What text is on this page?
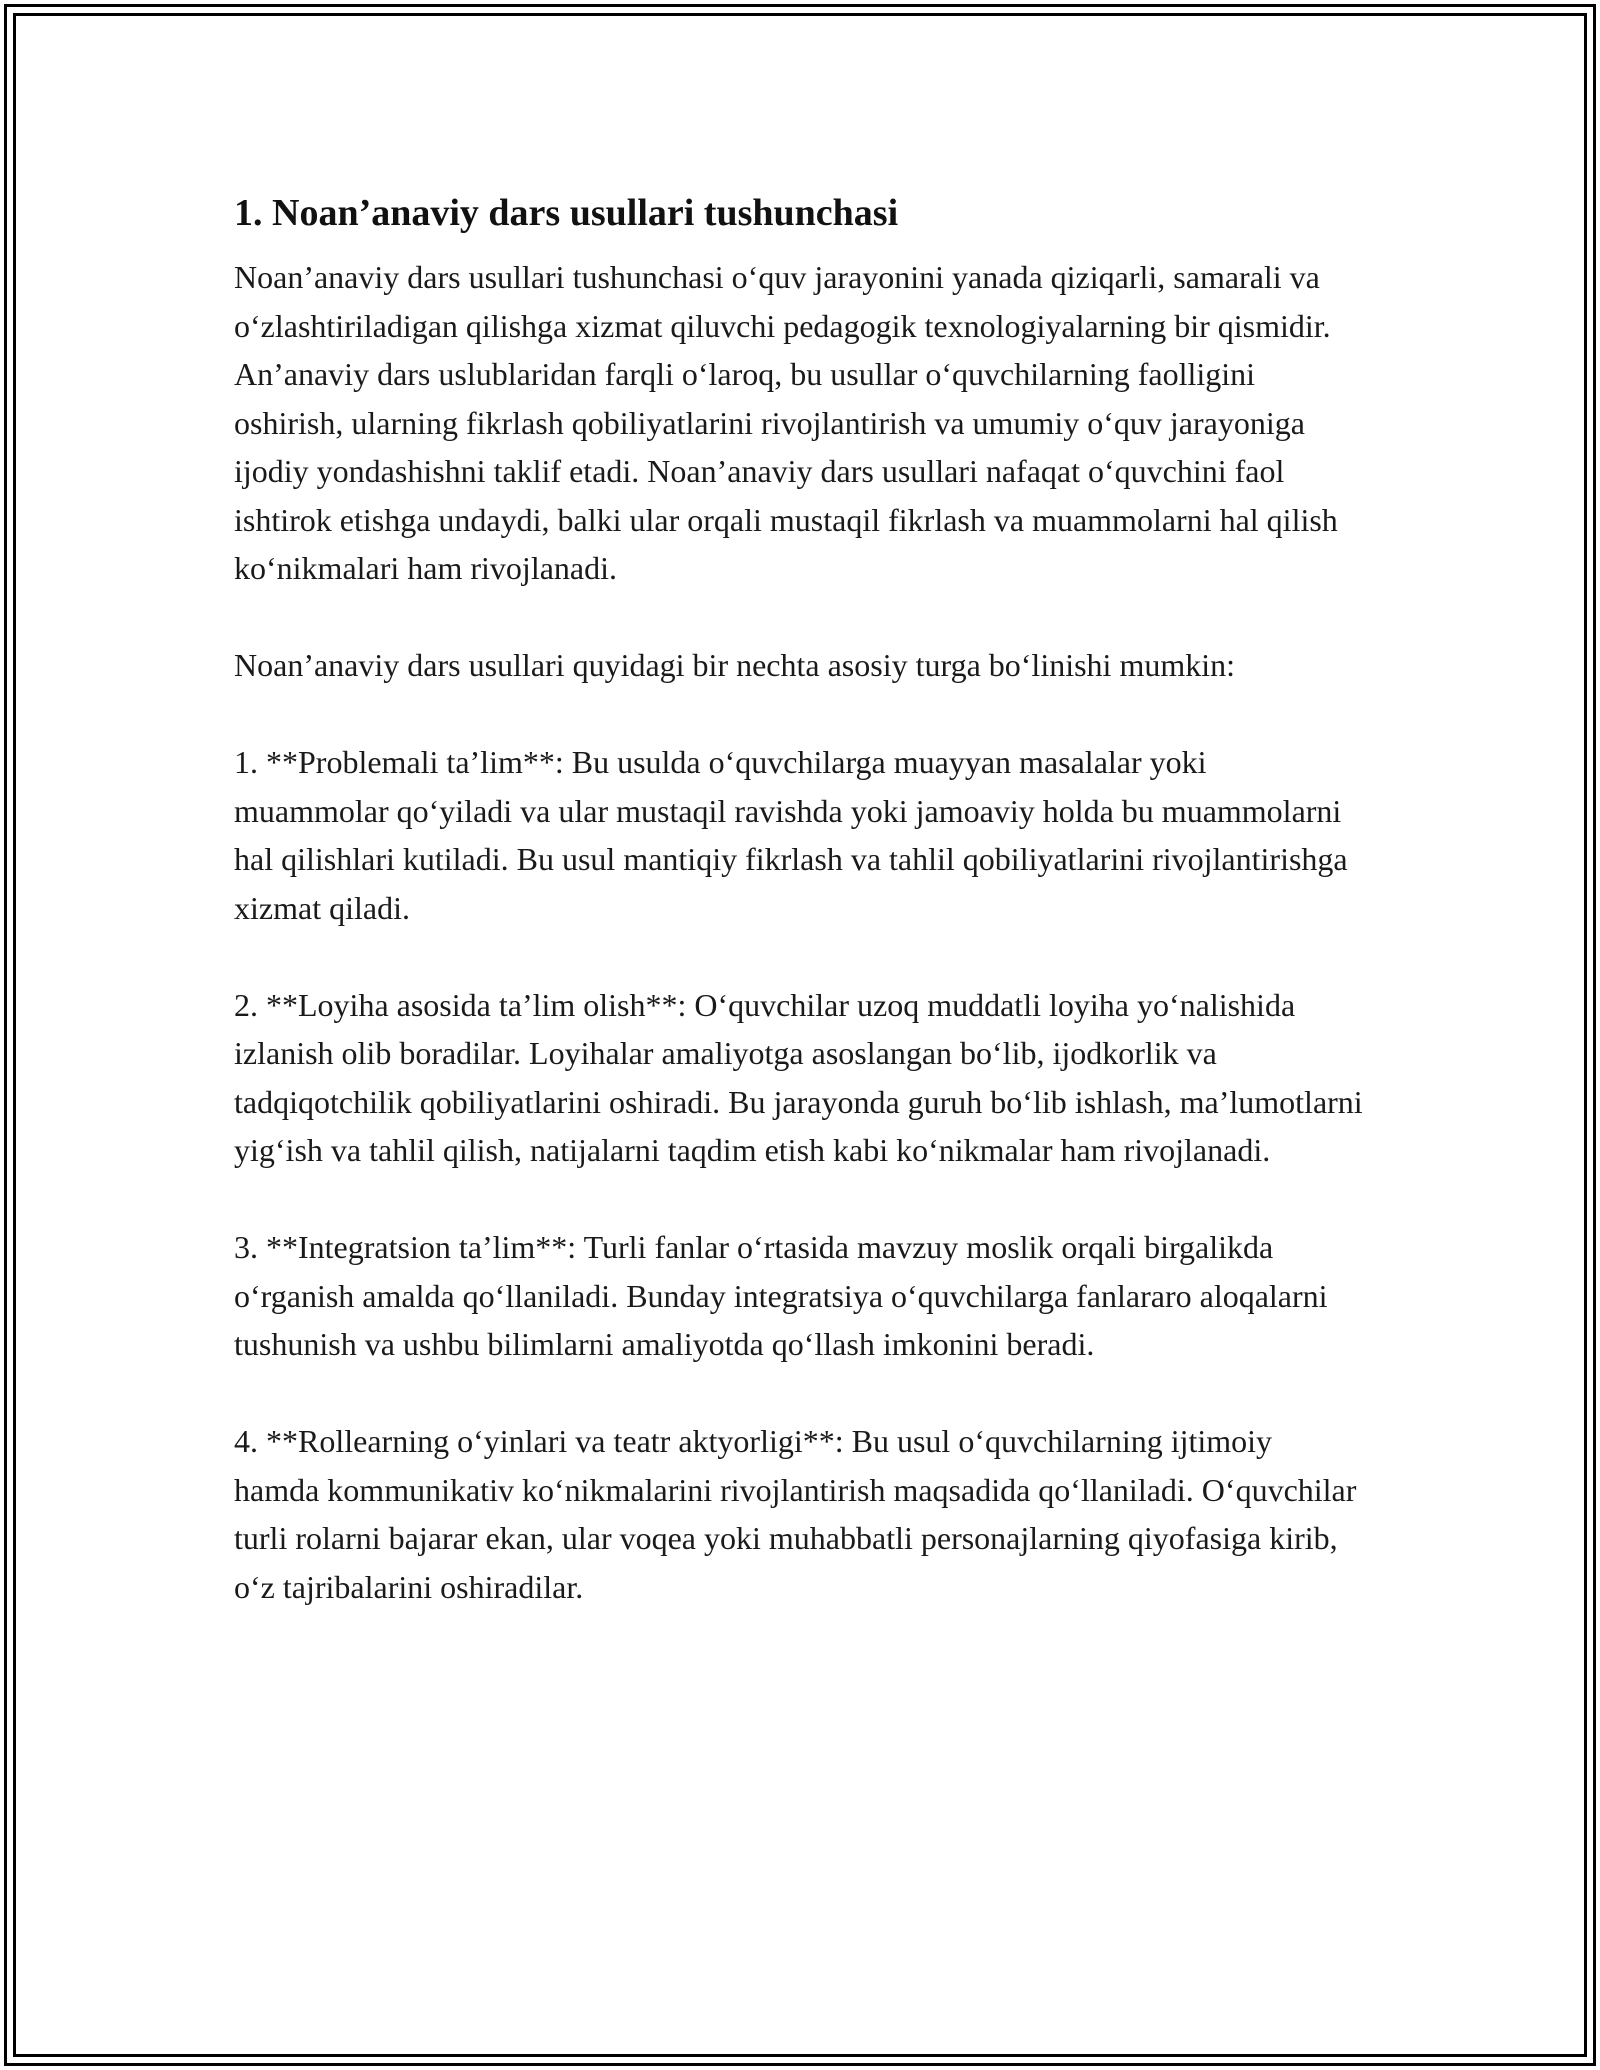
1. Noan’anaviy dars usullari tushunchasi

Noan’anaviy dars usullari tushunchasi o‘quv jarayonini yanada qiziqarli, samarali va o‘zlashtiriladigan qilishga xizmat qiluvchi pedagogik texnologiyalarning bir qismidir. An’anaviy dars uslublaridan farqli o‘laroq, bu usullar o‘quvchilarning faolligini oshirish, ularning fikrlash qobiliyatlarini rivojlantirish va umumiy o‘quv jarayoniga ijodiy yondashishni taklif etadi. Noan’anaviy dars usullari nafaqat o‘quvchini faol ishtirok etishga undaydi, balki ular orqali mustaqil fikrlash va muammolarni hal qilish ko‘nikmalari ham rivojlanadi.

Noan’anaviy dars usullari quyidagi bir nechta asosiy turga bo‘linishi mumkin:

1. **Problemali ta’lim**: Bu usulda o‘quvchilarga muayyan masalalar yoki muammolar qo‘yiladi va ular mustaqil ravishda yoki jamoaviy holda bu muammolarni hal qilishlari kutiladi. Bu usul mantiqiy fikrlash va tahlil qobiliyatlarini rivojlantirishga xizmat qiladi.

2. **Loyiha asosida ta’lim olish**: O‘quvchilar uzoq muddatli loyiha yo‘nalishida izlanish olib boradilar. Loyihalar amaliyotga asoslangan bo‘lib, ijodkorlik va tadqiqotchilik qobiliyatlarini oshiradi. Bu jarayonda guruh bo‘lib ishlash, ma’lumotlarni yig‘ish va tahlil qilish, natijalarni taqdim etish kabi ko‘nikmalar ham rivojlanadi.

3. **Integratsion ta’lim**: Turli fanlar o‘rtasida mavzuy moslik orqali birgalikda o‘rganish amalda qo‘llaniladi. Bunday integratsiya o‘quvchilarga fanlararo aloqalarni tushunish va ushbu bilimlarni amaliyotda qo‘llash imkonini beradi.

4. **Rollearning o‘yinlari va teatr aktyorligi**: Bu usul o‘quvchilarning ijtimoiy hamda kommunikativ ko‘nikmalarini rivojlantirish maqsadida qo‘llaniladi. O‘quvchilar turli rolarni bajarar ekan, ular voqea yoki muhabbatli personajlarning qiyofasiga kirib, o‘z tajribalarini oshiradilar.
